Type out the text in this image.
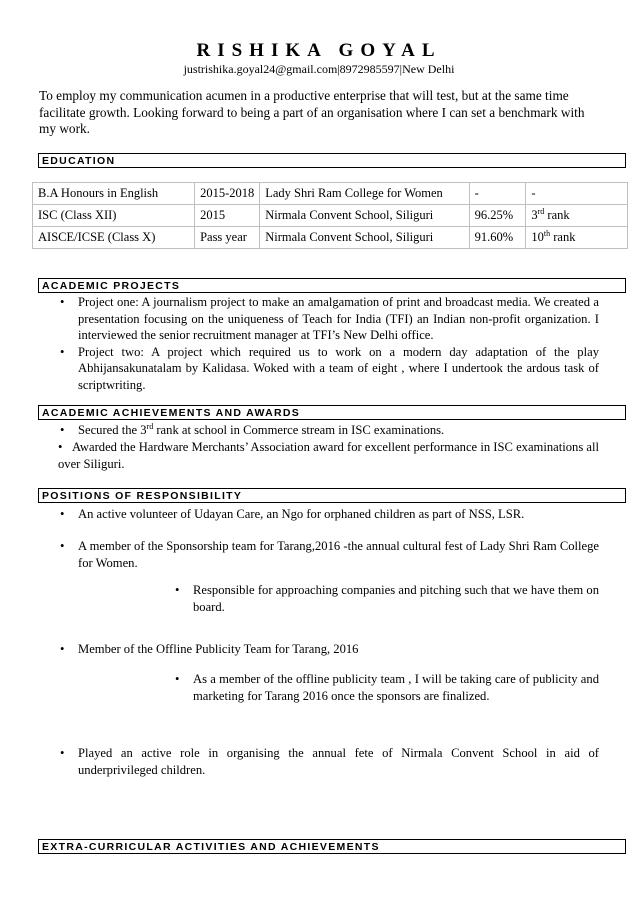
RISHIKA GOYAL
justrishika.goyal24@gmail.com|8972985597|New Delhi
To employ my communication acumen in a productive enterprise that will test, but at the same time facilitate growth. Looking forward to being a part of an organisation where I can set a benchmark with my work.
EDUCATION
B.A Honours in English	2015-2018	Lady Shri Ram College for Women	-	-
ISC (Class XII)	2015	Nirmala Convent School, Siliguri	96.25%	3rd rank
AISCE/ICSE (Class X)	Pass year	Nirmala Convent School, Siliguri	91.60%	10th rank
ACADEMIC PROJECTS
• Project one: A journalism project to make an amalgamation of print and broadcast media. We created a presentation focusing on the uniqueness of Teach for India (TFI) an Indian non-profit organization. I interviewed the senior recruitment manager at TFI’s New Delhi office.
• Project two: A project which required us to work on a modern day adaptation of the play Abhijansakunatalam by Kalidasa. Woked with a team of eight , where I undertook the ardous task of scriptwriting.
ACADEMIC ACHIEVEMENTS AND AWARDS
• Secured the 3rd rank at school in Commerce stream in ISC examinations.
• Awarded the Hardware Merchants’ Association award for excellent performance in ISC examinations all over Siliguri.
POSITIONS OF RESPONSIBILITY
• An active volunteer of Udayan Care, an Ngo for orphaned children as part of NSS, LSR.
• A member of the Sponsorship team for Tarang,2016 -the annual cultural fest of Lady Shri Ram College for Women.
• Responsible for approaching companies and pitching such that we have them on board.
• Member of the Offline Publicity Team for Tarang, 2016
• As a member of the offline publicity team , I will be taking care of publicity and marketing for Tarang 2016 once the sponsors are finalized.
• Played an active role in organising the annual fete of Nirmala Convent School in aid of underprivileged children.
EXTRA-CURRICULAR ACTIVITIES AND ACHIEVEMENTS
